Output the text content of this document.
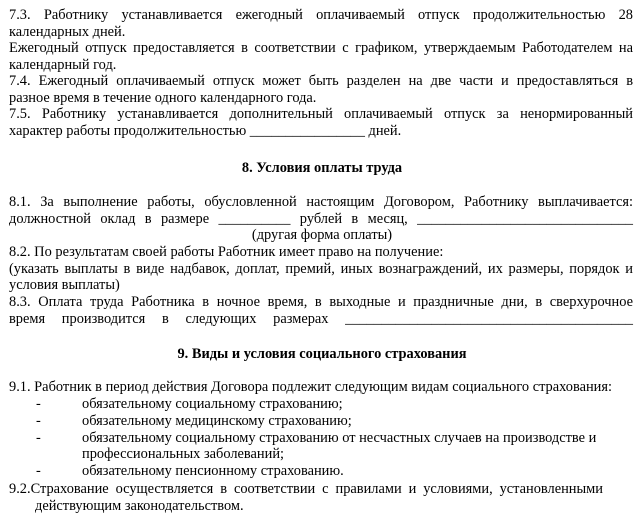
7.3. Работнику устанавливается ежегодный оплачиваемый отпуск продолжительностью 28
календарных дней.
Ежегодный отпуск предоставляется в соответствии с графиком, утверждаемым Работодателем на
календарный год.
7.4. Ежегодный оплачиваемый отпуск может быть разделен на две части и предоставляться в
разное время в течение одного календарного года.
7.5. Работнику устанавливается дополнительный оплачиваемый отпуск за ненормированный
характер работы продолжительностью ________________ дней.
8. Условия оплаты труда
8.1. За выполнение работы, обусловленной настоящим Договором, Работнику выплачивается:
должностной оклад в размере __________ рублей в месяц, ______________________________
(другая форма оплаты)
8.2. По результатам своей работы Работник имеет право на получение:
(указать выплаты в виде надбавок, доплат, премий, иных вознаграждений, их размеры, порядок и
условия выплаты)
8.3. Оплата труда Работника в ночное время, в выходные и праздничные дни, в сверхурочное
время производится в следующих размерах ________________________________________
9. Виды и условия социального страхования
9.1. Работник в период действия Договора подлежит следующим видам социального страхования:
-	обязательному социальному страхованию;
-	обязательному медицинскому страхованию;
-	обязательному социальному страхованию от несчастных случаев на производстве и
профессиональных заболеваний;
-	обязательному пенсионному страхованию.
9.2.Страхование осуществляется в соответствии с правилами и условиями, установленными
действующим законодательством.
